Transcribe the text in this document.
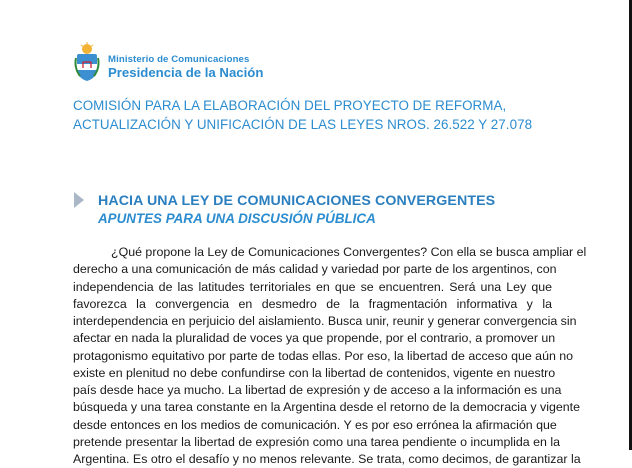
Ministerio de Comunicaciones
Presidencia de la Nación
COMISIÓN PARA LA ELABORACIÓN DEL PROYECTO DE REFORMA,
ACTUALIZACIÓN Y UNIFICACIÓN DE LAS LEYES NROS. 26.522 Y 27.078
HACIA UNA LEY DE COMUNICACIONES CONVERGENTES
APUNTES PARA UNA DISCUSIÓN PÚBLICA
¿Qué propone la Ley de Comunicaciones Convergentes? Con ella se busca ampliar el
derecho a una comunicación de más calidad y variedad por parte de los argentinos, con
independencia de las latitudes territoriales en que se encuentren. Será una Ley que
favorezca la convergencia en desmedro de la fragmentación informativa y la
interdependencia en perjuicio del aislamiento. Busca unir, reunir y generar convergencia sin
afectar en nada la pluralidad de voces ya que propende, por el contrario, a promover un
protagonismo equitativo por parte de todas ellas. Por eso, la libertad de acceso que aún no
existe en plenitud no debe confundirse con la libertad de contenidos, vigente en nuestro
país desde hace ya mucho. La libertad de expresión y de acceso a la información es una
búsqueda y una tarea constante en la Argentina desde el retorno de la democracia y vigente
desde entonces en los medios de comunicación. Y es por eso errónea la afirmación que
pretende presentar la libertad de expresión como una tarea pendiente o incumplida en la
Argentina. Es otro el desafío y no menos relevante. Se trata, como decimos, de garantizar la
